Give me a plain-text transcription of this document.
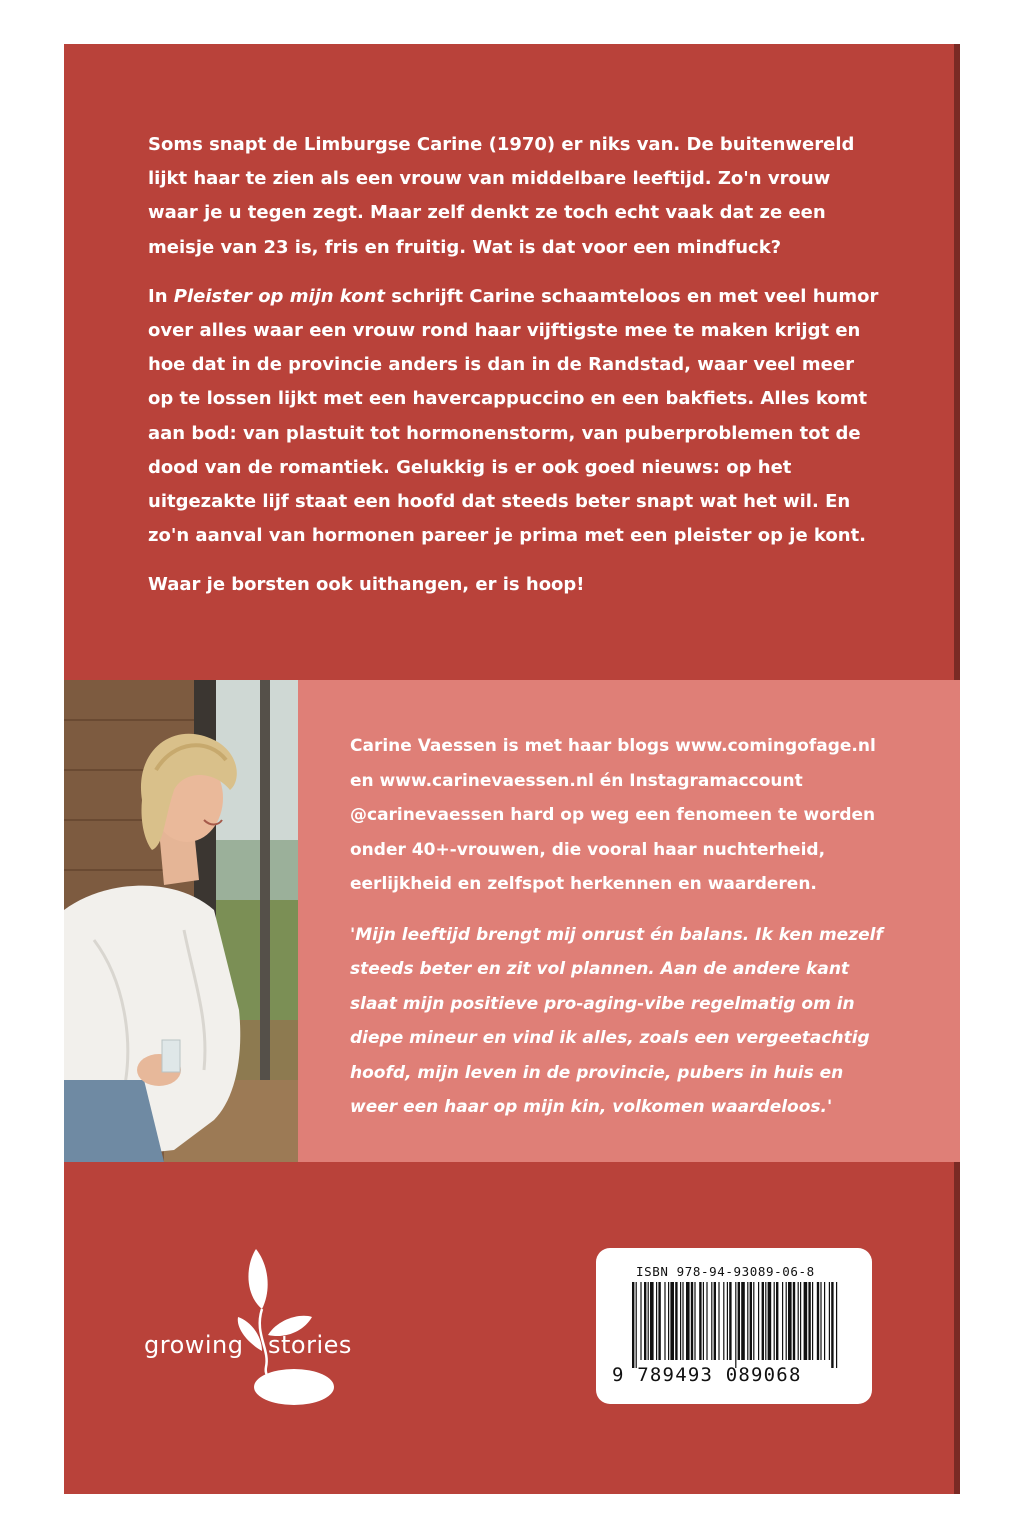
Soms snapt de Limburgse Carine (1970) er niks van. De buitenwereld lijkt haar te zien als een vrouw van middelbare leeftijd. Zo'n vrouw waar je u tegen zegt. Maar zelf denkt ze toch echt vaak dat ze een meisje van 23 is, fris en fruitig. Wat is dat voor een mindfuck?

In Pleister op mijn kont schrijft Carine schaamteloos en met veel humor over alles waar een vrouw rond haar vijftigste mee te maken krijgt en hoe dat in de provincie anders is dan in de Randstad, waar veel meer op te lossen lijkt met een havercappuccino en een bakfiets. Alles komt aan bod: van plastuit tot hormonenstorm, van puberproblemen tot de dood van de romantiek. Gelukkig is er ook goed nieuws: op het uitgezakte lijf staat een hoofd dat steeds beter snapt wat het wil. En zo'n aanval van hormonen pareer je prima met een pleister op je kont.

Waar je borsten ook uithangen, er is hoop!

Carine Vaessen is met haar blogs www.comingofage.nl en www.carinevaessen.nl én Instagramaccount @carinevaessen hard op weg een fenomeen te worden onder 40+-vrouwen, die vooral haar nuchterheid, eerlijkheid en zelfspot herkennen en waarderen.

'Mijn leeftijd brengt mij onrust én balans. Ik ken mezelf steeds beter en zit vol plannen. Aan de andere kant slaat mijn positieve pro-aging-vibe regelmatig om in diepe mineur en vind ik alles, zoals een vergeetachtig hoofd, mijn leven in de provincie, pubers in huis en weer een haar op mijn kin, volkomen waardeloos.'

growing stories
ISBN 978-94-93089-06-8
9 789493 089068
